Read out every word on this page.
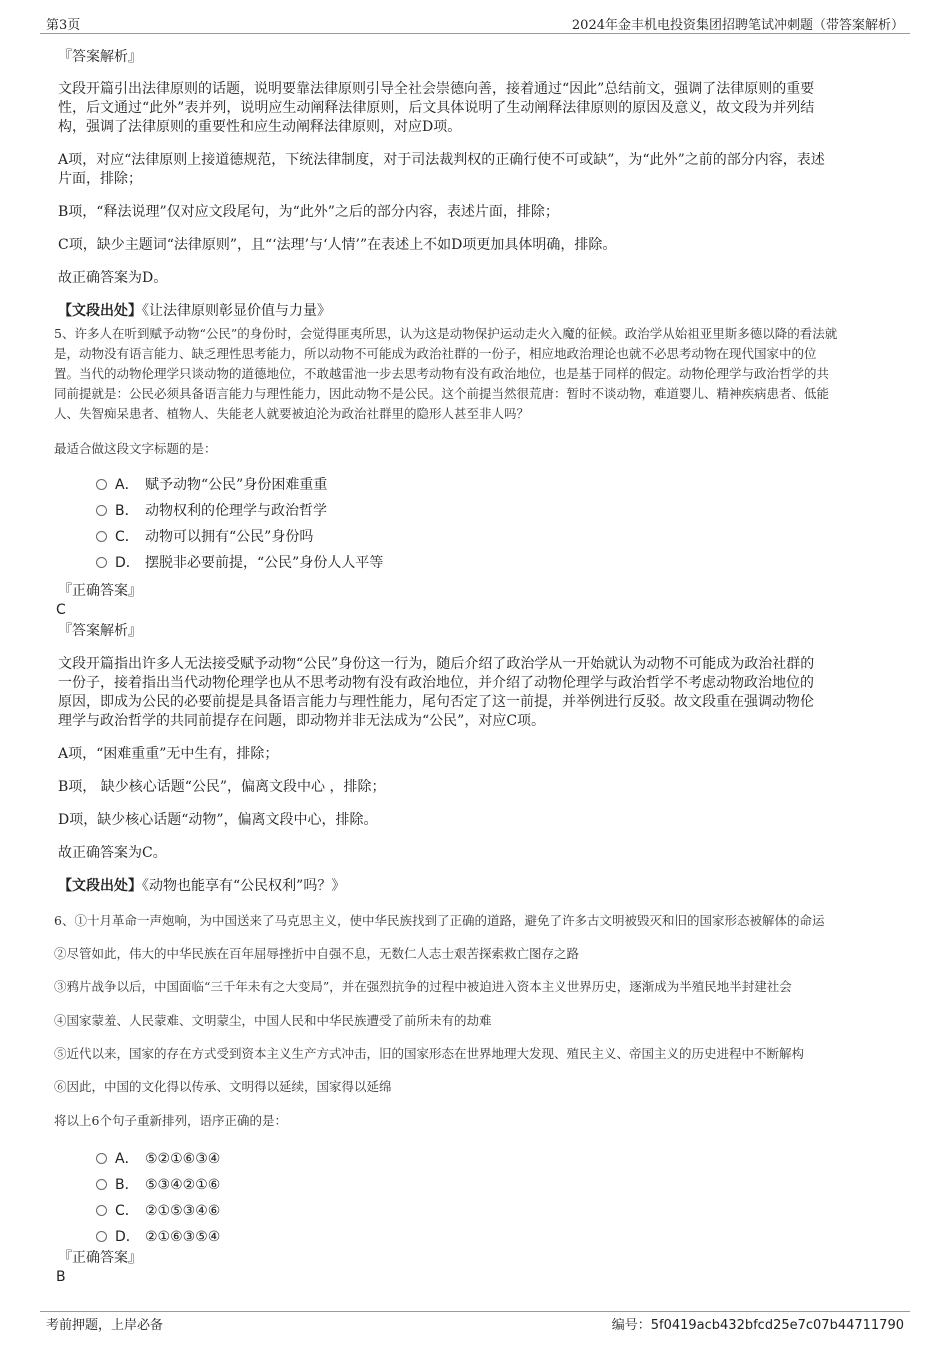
第3页	2024年金丰机电投资集团招聘笔试冲刺题（带答案解析）
『答案解析』
文段开篇引出法律原则的话题，说明要靠法律原则引导全社会崇德向善，接着通过“因此”总结前文，强调了法律原则的重要
性，后文通过“此外”表并列，说明应生动阐释法律原则，后文具体说明了生动阐释法律原则的原因及意义，故文段为并列结
构，强调了法律原则的重要性和应生动阐释法律原则，对应D项。
A项，对应“法律原则上接道德规范，下统法律制度，对于司法裁判权的正确行使不可或缺”，为“此外”之前的部分内容，表述
片面，排除；
B项，“释法说理”仅对应文段尾句，为“此外”之后的部分内容，表述片面，排除；
C项，缺少主题词“法律原则”，且“‘法理’与‘人情’”在表述上不如D项更加具体明确，排除。
故正确答案为D。
【文段出处】《让法律原则彰显价值与力量》
5、许多人在听到赋予动物“公民”的身份时，会觉得匪夷所思，认为这是动物保护运动走火入魔的征候。政治学从始祖亚里斯多德以降的看法就
是，动物没有语言能力、缺乏理性思考能力，所以动物不可能成为政治社群的一份子，相应地政治理论也就不必思考动物在现代国家中的位
置。当代的动物伦理学只谈动物的道德地位，不敢越雷池一步去思考动物有没有政治地位，也是基于同样的假定。动物伦理学与政治哲学的共
同前提就是：公民必须具备语言能力与理性能力，因此动物不是公民。这个前提当然很荒唐：暂时不谈动物，难道婴儿、精神疾病患者、低能
人、失智痴呆患者、植物人、失能老人就要被迫沦为政治社群里的隐形人甚至非人吗？
最适合做这段文字标题的是：
A． 赋予动物“公民”身份困难重重
B． 动物权利的伦理学与政治哲学
C． 动物可以拥有“公民”身份吗
D． 摆脱非必要前提，“公民”身份人人平等
『正确答案』
C
『答案解析』
文段开篇指出许多人无法接受赋予动物“公民”身份这一行为，随后介绍了政治学从一开始就认为动物不可能成为政治社群的
一份子，接着指出当代动物伦理学也从不思考动物有没有政治地位，并介绍了动物伦理学与政治哲学不考虑动物政治地位的
原因，即成为公民的必要前提是具备语言能力与理性能力，尾句否定了这一前提，并举例进行反驳。故文段重在强调动物伦
理学与政治哲学的共同前提存在问题，即动物并非无法成为“公民”，对应C项。
A项，“困难重重”无中生有，排除；
B项， 缺少核心话题“公民”，偏离文段中心 ，排除；
D项，缺少核心话题“动物”，偏离文段中心，排除。
故正确答案为C。
【文段出处】《动物也能享有“公民权利”吗？》
6、①十月革命一声炮响，为中国送来了马克思主义，使中华民族找到了正确的道路，避免了许多古文明被毁灭和旧的国家形态被解体的命运
②尽管如此，伟大的中华民族在百年屈辱挫折中自强不息，无数仁人志士艰苦探索救亡图存之路
③鸦片战争以后，中国面临“三千年未有之大变局”，并在强烈抗争的过程中被迫进入资本主义世界历史，逐渐成为半殖民地半封建社会
④国家蒙羞、人民蒙难、文明蒙尘，中国人民和中华民族遭受了前所未有的劫难
⑤近代以来，国家的存在方式受到资本主义生产方式冲击，旧的国家形态在世界地理大发现、殖民主义、帝国主义的历史进程中不断解构
⑥因此，中国的文化得以传承、文明得以延续，国家得以延绵
将以上6个句子重新排列，语序正确的是：
A． ⑤②①⑥③④
B． ⑤③④②①⑥
C． ②①⑤③④⑥
D． ②①⑥③⑤④
『正确答案』
B
考前押题，上岸必备	编号：5f0419acb432bfcd25e7c07b44711790
